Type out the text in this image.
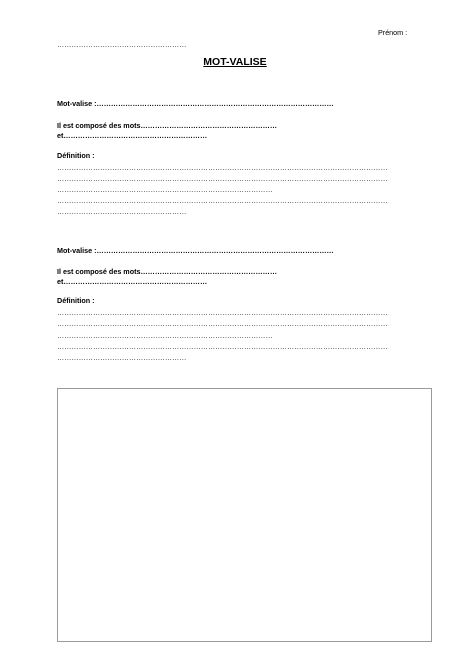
Prénom :
………………………………………………
MOT-VALISE
Mot-valise :………………………………………………………………………………………
Il est composé des mots…………………………………………………
et……………………………………………………
Définition :
…………………………………………………………………………………………………………………………
…………………………………………………………………………………………………………………………
………………………………………………………………………………
…………………………………………………………………………………………………………………………
………………………………………………
Mot-valise :………………………………………………………………………………………
Il est composé des mots…………………………………………………
et……………………………………………………
Définition :
…………………………………………………………………………………………………………………………
…………………………………………………………………………………………………………………………
………………………………………………………………………………
…………………………………………………………………………………………………………………………
………………………………………………
